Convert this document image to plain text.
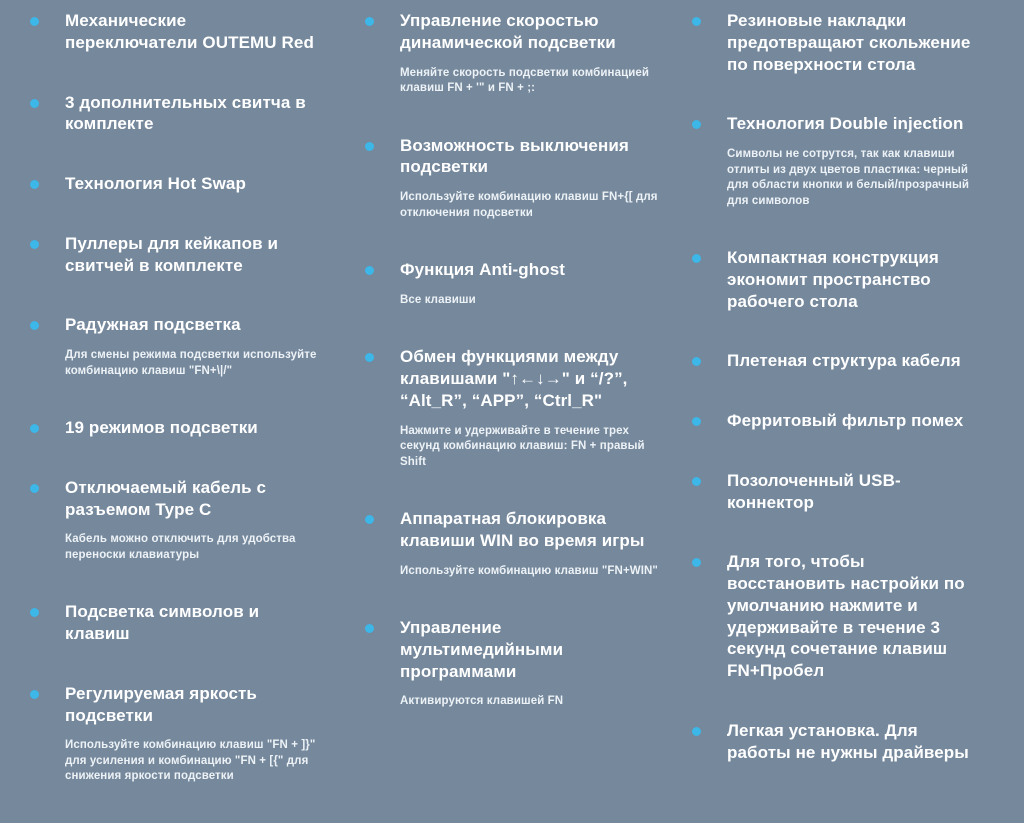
Механические переключатели OUTEMU Red
3 дополнительных свитча в комплекте
Технология Hot Swap
Пуллеры для кейкапов и свитчей в комплекте
Радужная подсветка
Для смены режима подсветки используйте комбинацию клавиш "FN+\|/"
19 режимов подсветки
Отключаемый кабель с разъемом Type C
Кабель можно отключить для удобства переноски клавиатуры
Подсветка символов и клавиш
Регулируемая яркость подсветки
Используйте комбинацию клавиш "FN + ]}" для усиления и комбинацию "FN + [{" для снижения яркости подсветки
Управление скоростью динамической подсветки
Меняйте скорость подсветки комбинацией клавиш FN + '" и FN + ;:
Возможность выключения подсветки
Используйте комбинацию клавиш FN+{[ для отключения подсветки
Функция Anti-ghost
Все клавиши
Обмен функциями между клавишами "↑←↓→" и “/?”, “Alt_R”, “APP”, “Ctrl_R"
Нажмите и удерживайте в течение трех секунд комбинацию клавиш: FN + правый Shift
Аппаратная блокировка клавиши WIN во время игры
Используйте комбинацию клавиш "FN+WIN"
Управление мультимедийными программами
Активируются клавишей FN
Резиновые накладки предотвращают скольжение по поверхности стола
Технология Double injection
Символы не сотрутся, так как клавиши отлиты из двух цветов пластика: черный для области кнопки и белый/прозрачный для символов
Компактная конструкция экономит пространство рабочего стола
Плетеная структура кабеля
Ферритовый фильтр помех
Позолоченный USB-коннектор
Для того, чтобы восстановить настройки по умолчанию нажмите и удерживайте в течение 3 секунд сочетание клавиш FN+Пробел
Легкая установка. Для работы не нужны драйверы
